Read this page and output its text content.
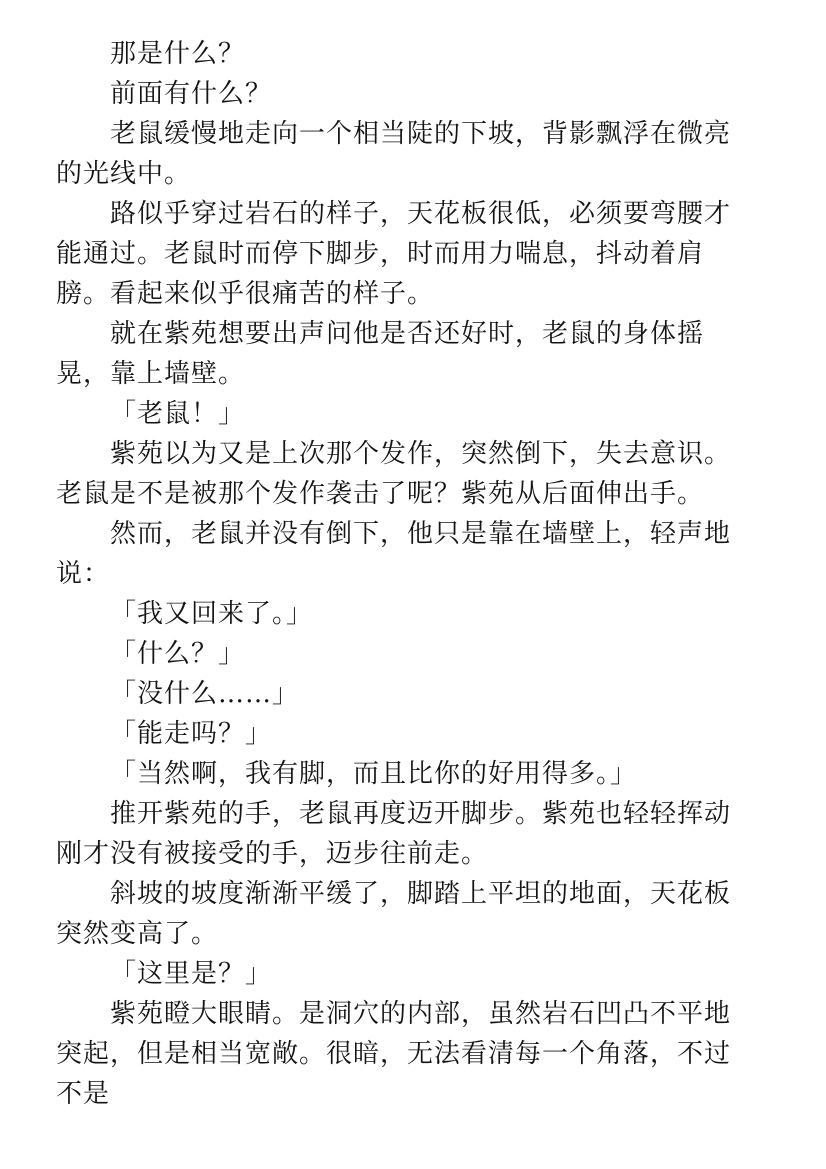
那是什么？

前面有什么？

老鼠缓慢地走向一个相当陡的下坡，背影飘浮在微亮的光线中。

路似乎穿过岩石的样子，天花板很低，必须要弯腰才能通过。老鼠时而停下脚步，时而用力喘息，抖动着肩膀。看起来似乎很痛苦的样子。

就在紫苑想要出声问他是否还好时，老鼠的身体摇晃，靠上墙壁。

「老鼠！」

紫苑以为又是上次那个发作，突然倒下，失去意识。老鼠是不是被那个发作袭击了呢？紫苑从后面伸出手。

然而，老鼠并没有倒下，他只是靠在墙壁上，轻声地说：

「我又回来了。」

「什么？」

「没什么……」

「能走吗？」

「当然啊，我有脚，而且比你的好用得多。」

推开紫苑的手，老鼠再度迈开脚步。紫苑也轻轻挥动刚才没有被接受的手，迈步往前走。

斜坡的坡度渐渐平缓了，脚踏上平坦的地面，天花板突然变高了。

「这里是？」

紫苑瞪大眼睛。是洞穴的内部，虽然岩石凹凸不平地突起，但是相当宽敞。很暗，无法看清每一个角落，不过不是
